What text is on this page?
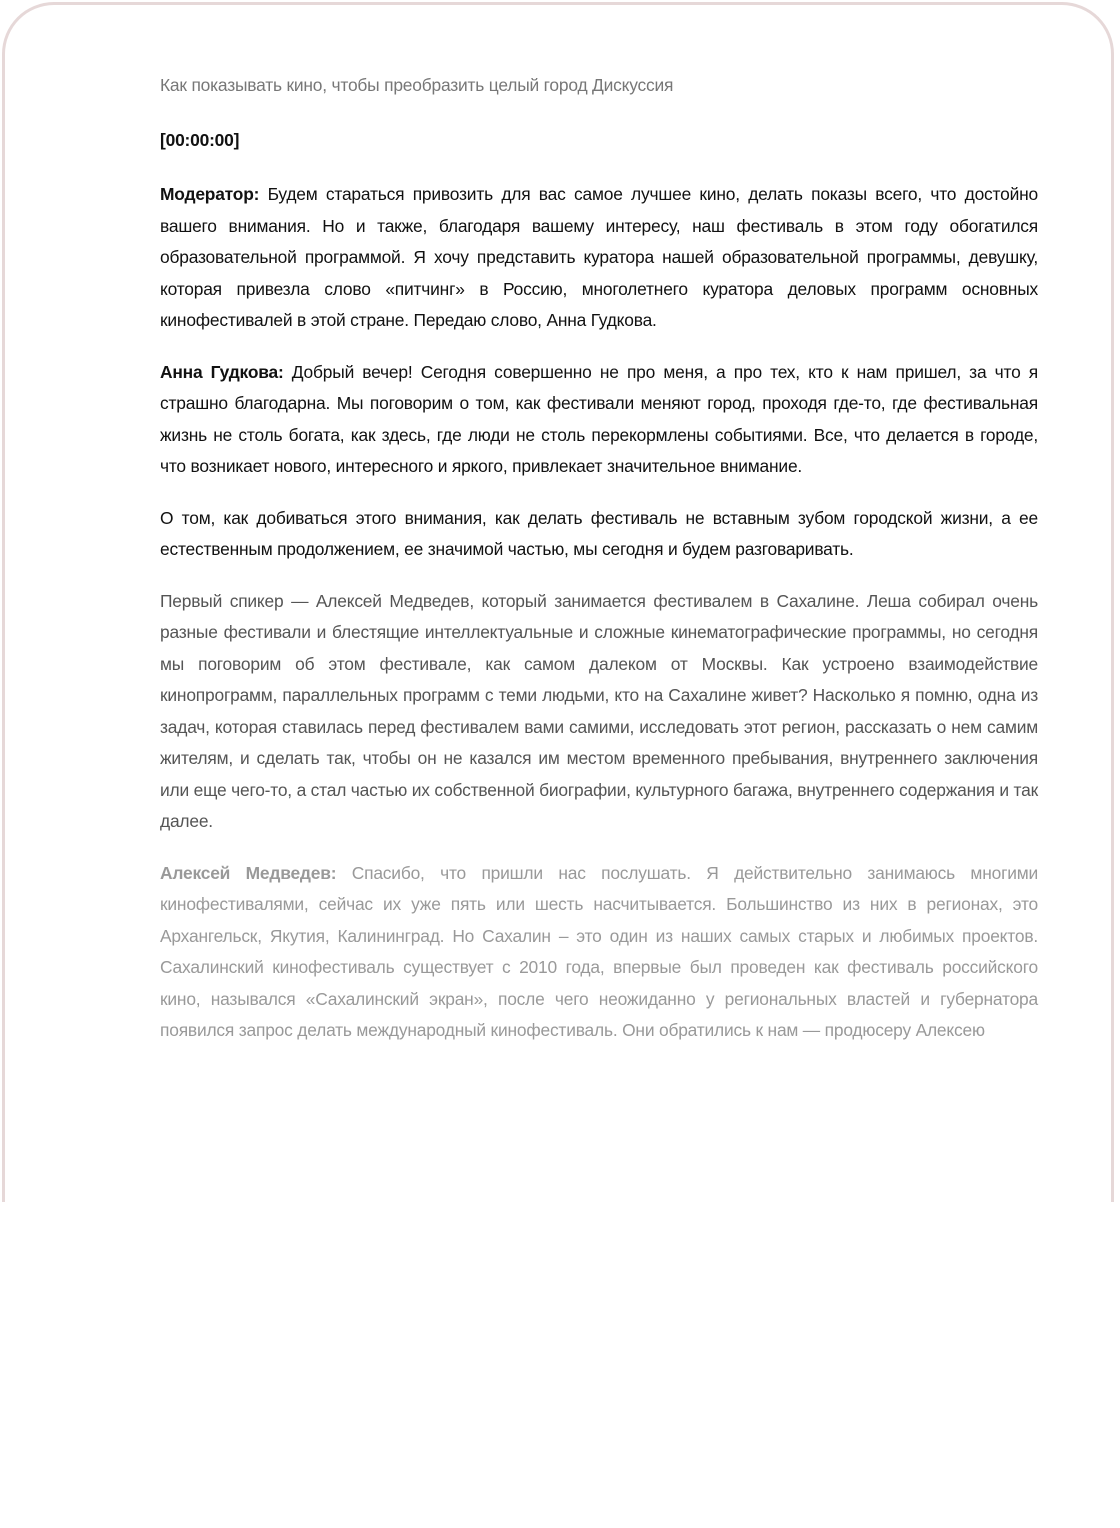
Как показывать кино, чтобы преобразить целый город Дискуссия
[00:00:00]

Модератор: Будем стараться привозить для вас самое лучшее кино, делать показы всего, что достойно вашего внимания. Но и также, благодаря вашему интересу, наш фестиваль в этом году обогатился образовательной программой. Я хочу представить куратора нашей образовательной программы, девушку, которая привезла слово «питчинг» в Россию, многолетнего куратора деловых программ основных кинофестивалей в этой стране. Передаю слово, Анна Гудкова.

Анна Гудкова: Добрый вечер! Сегодня совершенно не про меня, а про тех, кто к нам пришел, за что я страшно благодарна. Мы поговорим о том, как фестивали меняют город, проходя где-то, где фестивальная жизнь не столь богата, как здесь, где люди не столь перекормлены событиями. Все, что делается в городе, что возникает нового, интересного и яркого, привлекает значительное внимание.

О том, как добиваться этого внимания, как делать фестиваль не вставным зубом городской жизни, а ее естественным продолжением, ее значимой частью, мы сегодня и будем разговаривать.

Первый спикер — Алексей Медведев, который занимается фестивалем в Сахалине. Леша собирал очень разные фестивали и блестящие интеллектуальные и сложные кинематографические программы, но сегодня мы поговорим об этом фестивале, как самом далеком от Москвы. Как устроено взаимодействие кинопрограмм, параллельных программ с теми людьми, кто на Сахалине живет? Насколько я помню, одна из задач, которая ставилась перед фестивалем вами самими, исследовать этот регион, рассказать о нем самим жителям, и сделать так, чтобы он не казался им местом временного пребывания, внутреннего заключения или еще чего-то, а стал частью их собственной биографии, культурного багажа, внутреннего содержания и так далее.

Алексей Медведев: Спасибо, что пришли нас послушать. Я действительно занимаюсь многими кинофестивалями, сейчас их уже пять или шесть насчитывается. Большинство из них в регионах, это Архангельск, Якутия, Калининград. Но Сахалин – это один из наших самых старых и любимых проектов. Сахалинский кинофестиваль существует с 2010 года, впервые был проведен как фестиваль российского кино, назывался «Сахалинский экран», после чего неожиданно у региональных властей и губернатора появился запрос делать международный кинофестиваль. Они обратились к нам — продюсеру Алексею
